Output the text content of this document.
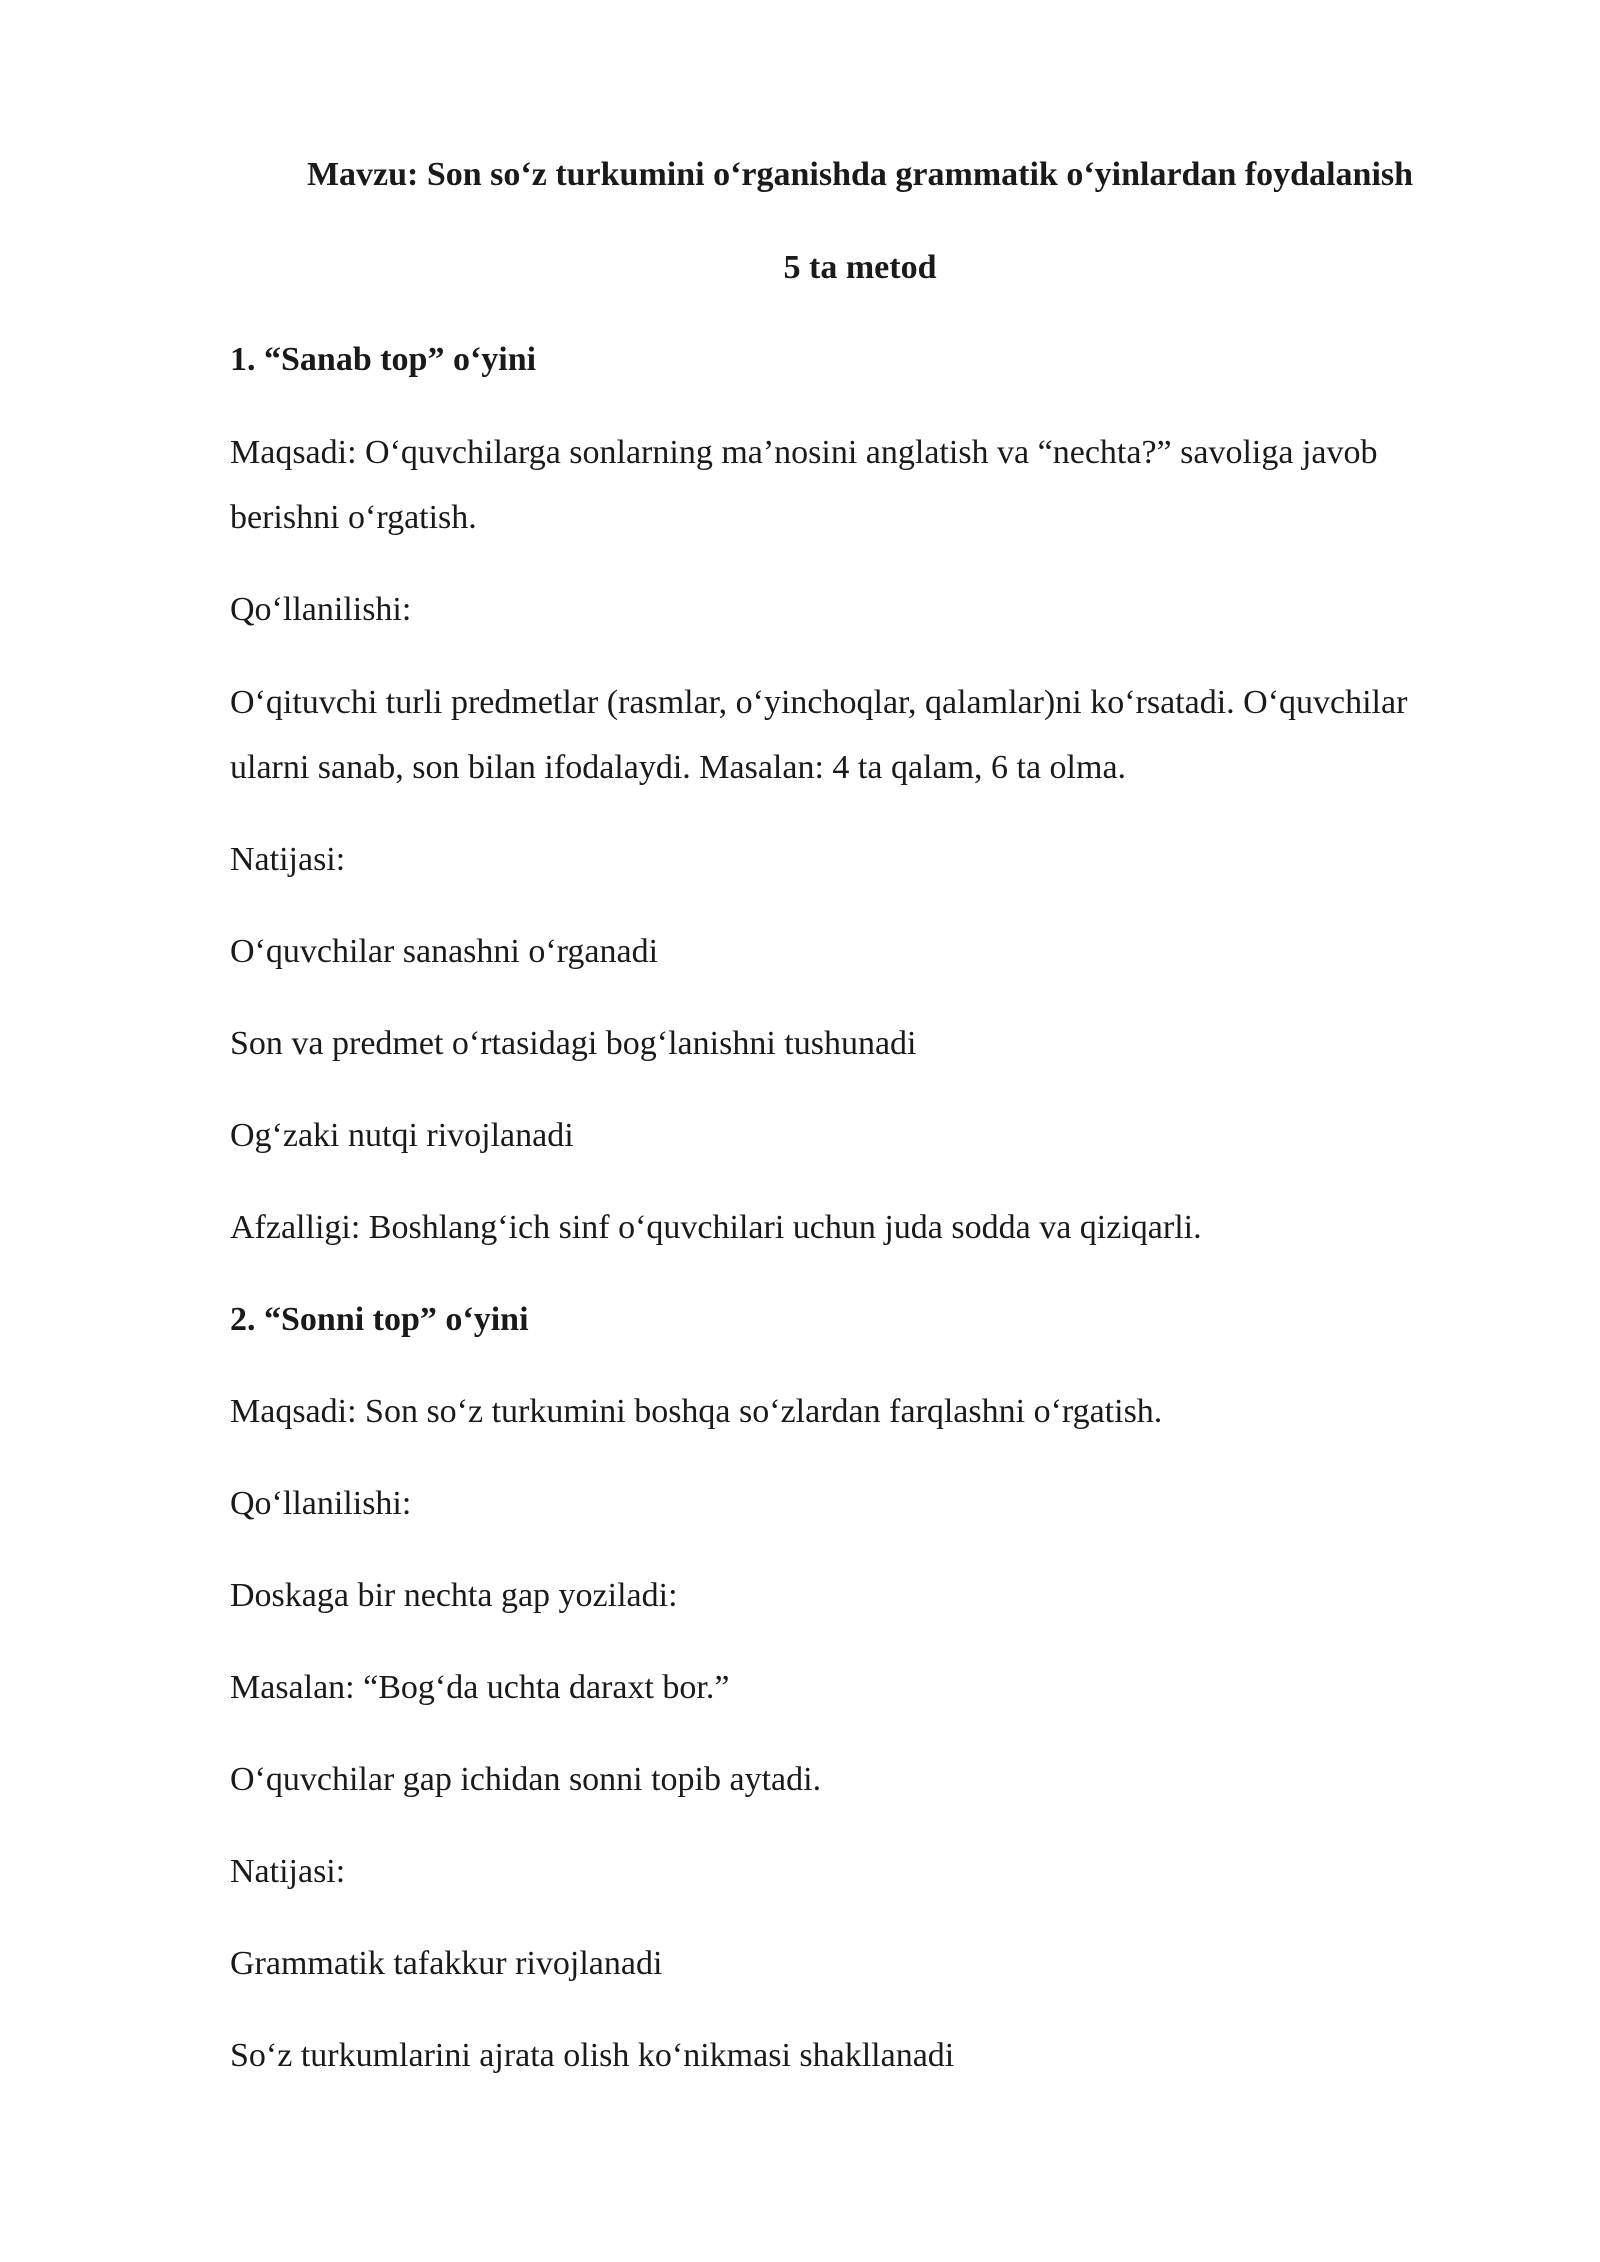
Mavzu: Son so‘z turkumini o‘rganishda grammatik o‘yinlardan foydalanish

5 ta metod

1. “Sanab top” o‘yini

Maqsadi: O‘quvchilarga sonlarning ma’nosini anglatish va “nechta?” savoliga javob berishni o‘rgatish.

Qo‘llanilishi:

O‘qituvchi turli predmetlar (rasmlar, o‘yinchoqlar, qalamlar)ni ko‘rsatadi. O‘quvchilar ularni sanab, son bilan ifodalaydi. Masalan: 4 ta qalam, 6 ta olma.

Natijasi:

O‘quvchilar sanashni o‘rganadi

Son va predmet o‘rtasidagi bog‘lanishni tushunadi

Og‘zaki nutqi rivojlanadi

Afzalligi: Boshlang‘ich sinf o‘quvchilari uchun juda sodda va qiziqarli.

2. “Sonni top” o‘yini

Maqsadi: Son so‘z turkumini boshqa so‘zlardan farqlashni o‘rgatish.

Qo‘llanilishi:

Doskaga bir nechta gap yoziladi:

Masalan: “Bog‘da uchta daraxt bor.”

O‘quvchilar gap ichidan sonni topib aytadi.

Natijasi:

Grammatik tafakkur rivojlanadi

So‘z turkumlarini ajrata olish ko‘nikmasi shakllanadi
